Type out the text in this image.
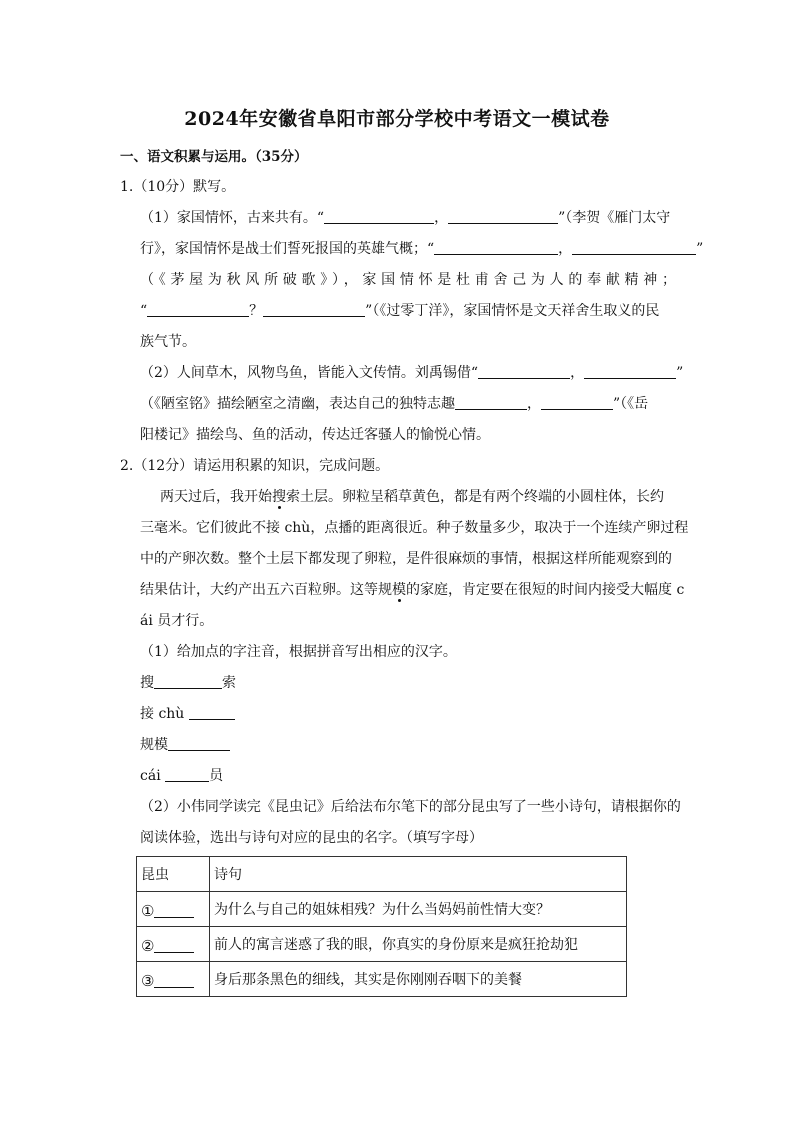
2024年安徽省阜阳市部分学校中考语文一模试卷
一、语文积累与运用。（35分）
1.（10分）默写。
（1）家国情怀，古来共有。“	，	”（李贺《雁门太守
行》，家国情怀是战士们誓死报国的英雄气概；“	，	”
（《茅屋为秋风所破歌》），家国情怀是杜甫舍己为人的奉献精神；
“	？	”（《过零丁洋》，家国情怀是文天祥舍生取义的民
族气节。
（2）人间草木，风物鸟鱼，皆能入文传情。刘禹锡借“	，	”
（《陋室铭》描绘陋室之清幽，表达自己的独特志趣	，	”（《岳
阳楼记》描绘鸟、鱼的活动，传达迁客骚人的愉悦心情。
2.（12分）请运用积累的知识，完成问题。
两天过后，我开始搜索土层。卵粒呈稻草黄色，都是有两个终端的小圆柱体，长约
三毫米。它们彼此不接 chù，点播的距离很近。种子数量多少，取决于一个连续产卵过程
中的产卵次数。整个土层下都发现了卵粒，是件很麻烦的事情，根据这样所能观察到的
结果估计，大约产出五六百粒卵。这等规模的家庭，肯定要在很短的时间内接受大幅度 c
ái 员才行。
（1）给加点的字注音，根据拼音写出相应的汉字。
搜	索
接 chù
规模
cái	员
（2）小伟同学读完《昆虫记》后给法布尔笔下的部分昆虫写了一些小诗句，请根据你的
阅读体验，选出与诗句对应的昆虫的名字。（填写字母）
昆虫	诗句
①	为什么与自己的姐妹相残？为什么当妈妈前性情大变？
②	前人的寓言迷惑了我的眼，你真实的身份原来是疯狂抢劫犯
③	身后那条黑色的细线，其实是你刚刚吞咽下的美餐
